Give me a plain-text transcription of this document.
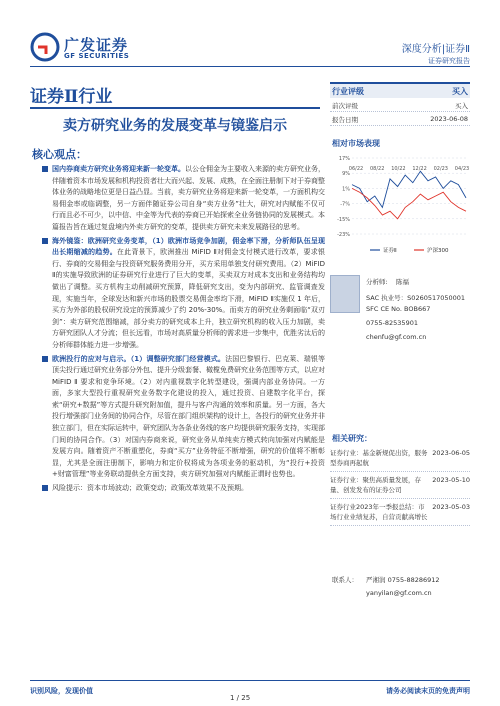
广发证券
GF SECURITIES
深度分析|证券Ⅱ
证券研究报告
证券Ⅱ行业
卖方研究业务的发展变革与镜鉴启示
核心观点：
国内券商卖方研究业务将迎来新一轮变革。以公仓佣金为主要收入来源的卖方研究业务，伴随着资本市场发展和机构投资者壮大而兴起、发展、成熟，在全面注册制下对于券商整体业务的战略地位更是日益凸显。当前，卖方研究业务将迎来新一轮变革，一方面机构交易佣金率或临调整，另一方面伴随证券公司自身“卖方业务”壮大，研究对内赋能不仅可行而且必不可少，以中信、中金等为代表的券商已开始探索全业务链协同的发展模式。本篇报告旨在通过复盘境内外卖方研究的变革，提供卖方研究未来发展路径的思考。
海外镜鉴：欧洲研究业务变革，（1）欧洲市场竞争加剧，佣金率下滑，分析师队伍呈现出长期缩减的趋势。在此背景下，欧洲推出 MiFID Ⅱ对佣金支付模式进行改革，要求银行、券商的交易佣金与投资研究服务费用分开，买方采用单独支付研究费用。（2）MiFID Ⅱ的实施导致欧洲的证券研究行业进行了巨大的变革，买卖双方对成本支出和业务结构均做出了调整。买方机构主动削减研究预算，降低研究支出，变为内部研究、监管调查发现，实施当年，全球发达和新兴市场的股票交易佣金率均下滑，MiFID Ⅱ实施仅 1 年后，买方为外部的股权研究设定的预算减少了约 20%-30%。而卖方的研究业务剩面临“双刃剑”：卖方研究范围缩减，部分卖方的研究成本上升，独立研究机构的收入压力加剧，卖方研究团队人才分流；但长远看，市场对高质量分析师的需求进一步集中，优胜劣汰后的分析师群体能力进一步增强。
欧洲投行的应对与启示。（1）调整研究部门经营模式。法国巴黎银行、巴克莱、瑞银等顶尖投行通过研究业务部分外包、提升分级套餐、橄榄免费研究业务范围等方式，以应对 MiFID Ⅱ 要求和竞争环境。（2）对内重视数字化转型建设，强调内部业务协同。一方面，多家大型投行重视研究业务数字化建设的投入，通过投资、自建数字化平台，探索“研究+数据”等方式提升研究附加值，提升与客户沟通的效率和质量。另一方面，各大投行增强部门业务间的协同合作，尽管在部门组织架构的设计上，各投行的研究业务并非独立部门，但在实际运转中，研究团队为各条业务线的客户均提供研究服务支持，实现部门间的协同合作。（3）对国内券商来说，研究业务从单纯卖方模式转向加强对内赋能是发展方向。随着资产不断重塑化，券商“买方”业务特征不断增强，研究的价值将不断彰显，尤其是全面注册制下，影响力和定价权将成为各项业务的驱动机，为“投行+投资+财富管理”等业务联动提供全方面支持，卖方研究加强对内赋能正谓时也势也。
风险提示：资本市场波动；政策变动；政策改革效果不及预期。
行业评级	买入
前次评级	买入
报告日期	2023-06-08
相对市场表现
17%
9%
1%
-7%
-15%
-23%
06/22 08/22 10/22 12/22 02/23 04/23
证券Ⅱ	沪深300
分析师: 陈福
SAC 执业号：S0260517050001
SFC CE No. BOB667
0755-82535901
chenfu@gf.com.cn
相关研究：
证券行业：基金新规促出资，服务型券商再起航
2023-06-05
证券行业：聚焦高质量发展，存量、创发发布的证券公司
2023-05-10
证券行业2023年一季报总结：市场行业业绩复苏，自营贡献高增长
2023-05-03
联系人： 严湘润 0755-88286912
yanyilan@gf.com.cn
识别风险，发现价值
1 / 25
请务必阅读末页的免责声明
